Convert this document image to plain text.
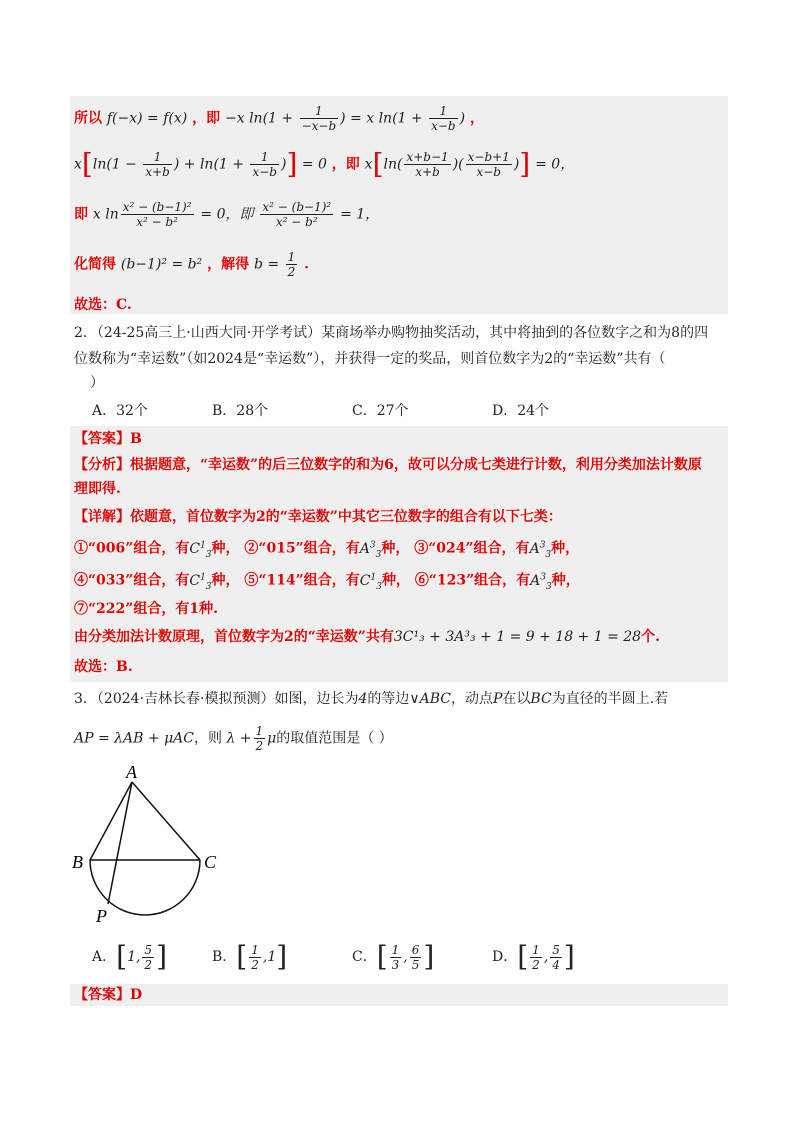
所以 f(−x) = f(x) ，即 −x $\ln(1 + \frac{1}{-x-b}$ ) = x $\ln(1 + \frac{1}{x-b}$ ) ，
$x[\ln(1 - \frac{1}{x+b}$ ) + $\ln(1 + \frac{1}{x-b}$ )] = 0 ，即 $x[\ln( \frac{x+b-1}{x+b}$ )( $\frac{x-b+1}{x-b}$ )] = 0，
即 x $\ln \frac{\text{x² − (b−1)²}}{\text{x² − b²}} = 0$，即 $\frac{\text{x² − (b−1)²}}{\text{x² − b²}} = 1$，
化简得 (b−1)² = b² ，解得 $b = \frac{1}{2}$ .
故选：C.
2．（24-25高三上·山西大同·开学考试）某商场举办购物抽奖活动，其中将抽到的各位数字之和为8的四
位数称为“幸运数”（如2024是“幸运数”），并获得一定的奖品，则首位数字为2的“幸运数”共有（
）
A．32个	B．28个	C．27个	D．24个
【答案】B
【分析】根据题意，“幸运数”的后三位数字的和为6，故可以分成七类进行计数，利用分类加法计数原
理即得.
【详解】依题意，首位数字为2的“幸运数”中其它三位数字的组合有以下七类：
①“006”组合，有$C^1_3$种， ②“015”组合，有$A^3_3$种， ③“024”组合，有$A^3_3$种，
④“033”组合，有$C^1_3$种， ⑤“114”组合，有$C^1_3$种， ⑥“123”组合，有$A^3_3$种，
⑦“222”组合，有1种.
由分类加法计数原理，首位数字为2的“幸运数”共有3C¹₃ + 3A³₃ + 1 = 9 + 18 + 1 = 28个.
故选：B.
3．（2024·吉林长春·模拟预测）如图，边长为4的等边∨ABC，动点P在以BC为直径的半圆上.若
AP = λAB + μAC，则 $\lambda + \frac{1}{2}$ μ的取值范围是（ ）
A
B	C
P
A．[1, $\frac{5}{2}$ ]	B．[ $\frac{1}{2} ,1$]	C．[ $\frac{1}{3}$ , $\frac{6}{5}$ ]	D．[ $\frac{1}{2}$ , $\frac{5}{4}$ ]
【答案】D
